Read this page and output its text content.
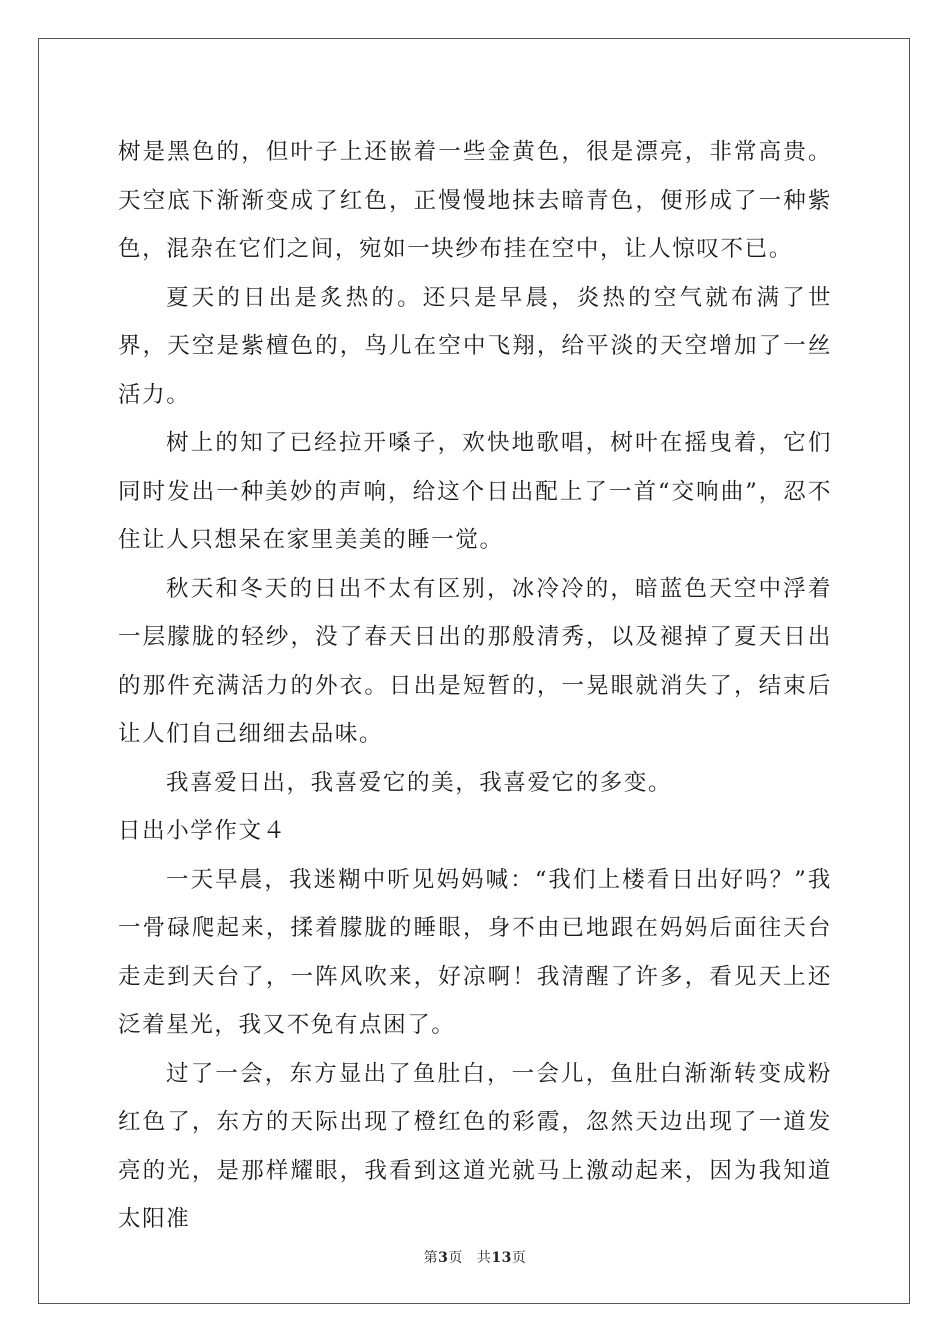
树是黑色的，但叶子上还嵌着一些金黄色，很是漂亮，非常高贵。天空底下渐渐变成了红色，正慢慢地抹去暗青色，便形成了一种紫色，混杂在它们之间，宛如一块纱布挂在空中，让人惊叹不已。

夏天的日出是炙热的。还只是早晨，炎热的空气就布满了世界，天空是紫檀色的，鸟儿在空中飞翔，给平淡的天空增加了一丝活力。

树上的知了已经拉开嗓子，欢快地歌唱，树叶在摇曳着，它们同时发出一种美妙的声响，给这个日出配上了一首“交响曲”，忍不住让人只想呆在家里美美的睡一觉。

秋天和冬天的日出不太有区别，冰冷冷的，暗蓝色天空中浮着一层朦胧的轻纱，没了春天日出的那般清秀，以及褪掉了夏天日出的那件充满活力的外衣。日出是短暂的，一晃眼就消失了，结束后让人们自己细细去品味。

我喜爱日出，我喜爱它的美，我喜爱它的多变。

日出小学作文４

一天早晨，我迷糊中听见妈妈喊：“我们上楼看日出好吗？”我一骨碌爬起来，揉着朦胧的睡眼，身不由已地跟在妈妈后面往天台走走到天台了，一阵风吹来，好凉啊！我清醒了许多，看见天上还泛着星光，我又不免有点困了。

过了一会，东方显出了鱼肚白，一会儿，鱼肚白渐渐转变成粉红色了，东方的天际出现了橙红色的彩霞，忽然天边出现了一道发亮的光，是那样耀眼，我看到这道光就马上激动起来，因为我知道太阳准

第3页 共13页
